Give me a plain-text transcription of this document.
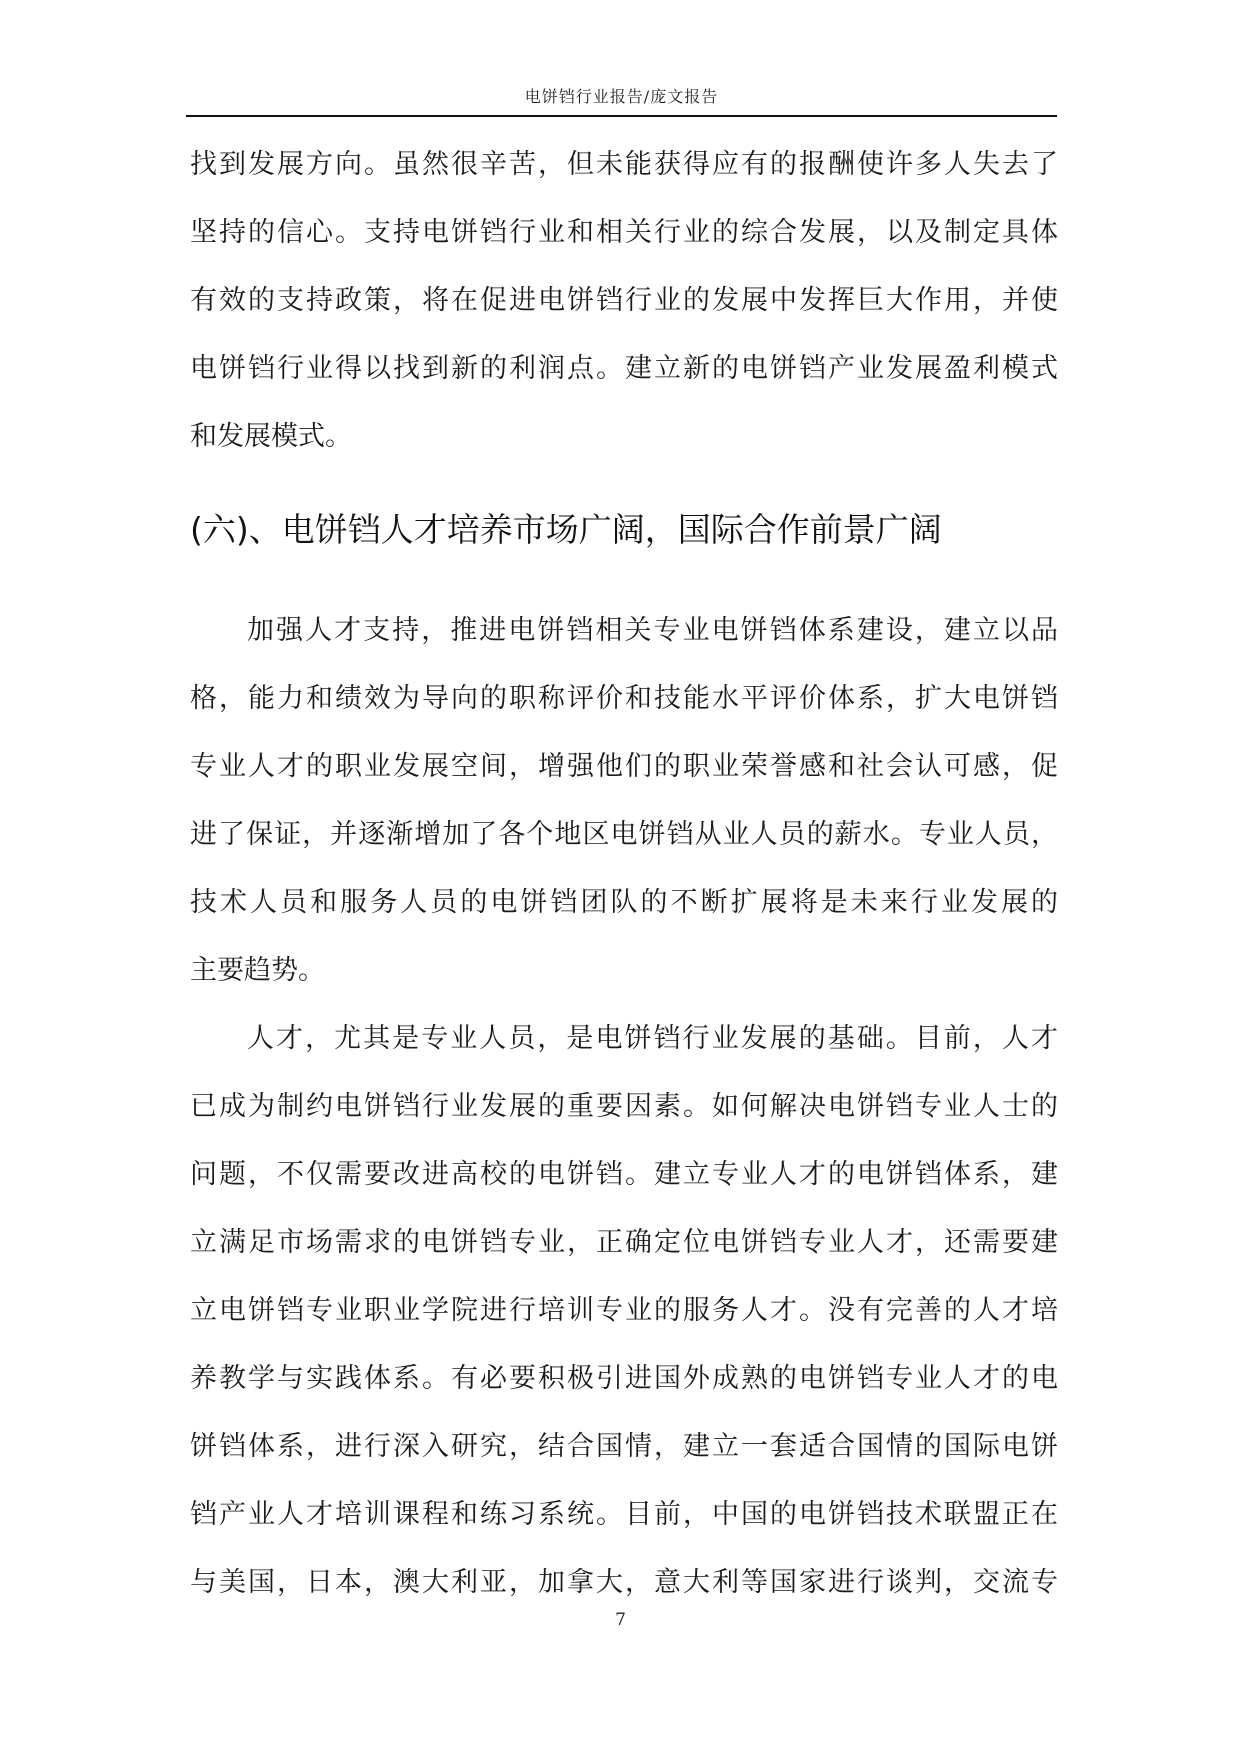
电饼铛行业报告/庞文报告
找到发展方向。虽然很辛苦，但未能获得应有的报酬使许多人失去了
坚持的信心。支持电饼铛行业和相关行业的综合发展，以及制定具体
有效的支持政策，将在促进电饼铛行业的发展中发挥巨大作用，并使
电饼铛行业得以找到新的利润点。建立新的电饼铛产业发展盈利模式
和发展模式。
(六)、电饼铛人才培养市场广阔，国际合作前景广阔
加强人才支持，推进电饼铛相关专业电饼铛体系建设，建立以品
格，能力和绩效为导向的职称评价和技能水平评价体系，扩大电饼铛
专业人才的职业发展空间，增强他们的职业荣誉感和社会认可感，促
进了保证，并逐渐增加了各个地区电饼铛从业人员的薪水。专业人员，
技术人员和服务人员的电饼铛团队的不断扩展将是未来行业发展的
主要趋势。
人才，尤其是专业人员，是电饼铛行业发展的基础。目前，人才
已成为制约电饼铛行业发展的重要因素。如何解决电饼铛专业人士的
问题，不仅需要改进高校的电饼铛。建立专业人才的电饼铛体系，建
立满足市场需求的电饼铛专业，正确定位电饼铛专业人才，还需要建
立电饼铛专业职业学院进行培训专业的服务人才。没有完善的人才培
养教学与实践体系。有必要积极引进国外成熟的电饼铛专业人才的电
饼铛体系，进行深入研究，结合国情，建立一套适合国情的国际电饼
铛产业人才培训课程和练习系统。目前，中国的电饼铛技术联盟正在
与美国，日本，澳大利亚，加拿大，意大利等国家进行谈判，交流专
7
